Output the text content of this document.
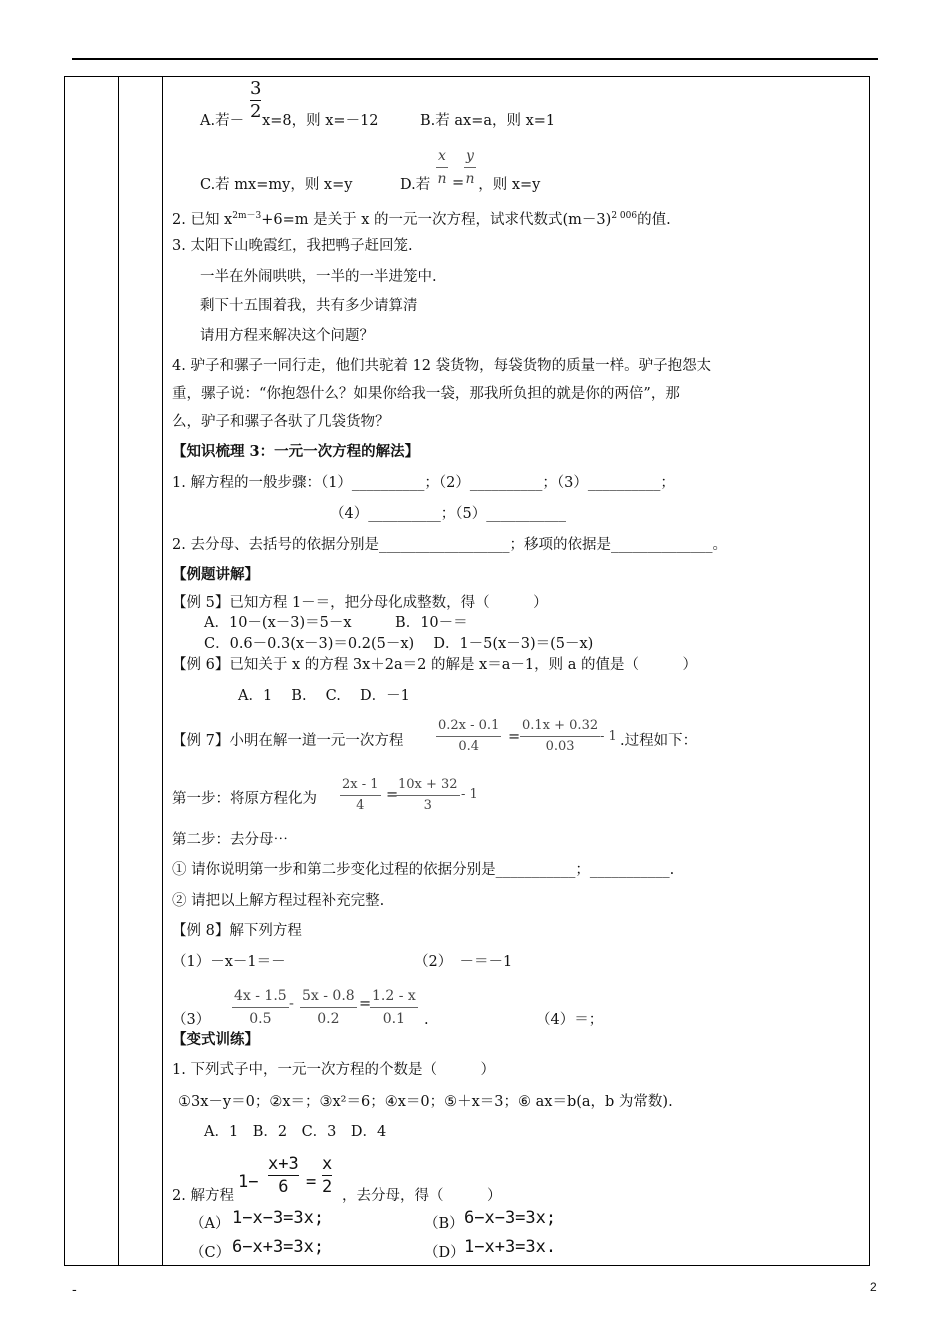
A.若－ x=8，则 x=－12
$\frac{3}{2}$	B.若 ax=a，则 x=1
C.若 mx=my，则 x=y	D.若	，则 x=y
$\frac{x}{n} = \frac{y}{n}$
2. 已知 $x^{2m-3}+6=m$ 是关于 x 的一元一次方程，试求代数式$(m-3)^{2 006}$的值.
3. 太阳下山晚霞红，我把鸭子赶回笼.
一半在外闹哄哄，一半的一半进笼中.
剩下十五围着我，共有多少请算清
请用方程来解决这个问题？
4. 驴子和骡子一同行走，他们共驼着 12 袋货物，每袋货物的质量一样。驴子抱怨太
重，骡子说：“你抱怨什么？如果你给我一袋，那我所负担的就是你的两倍”，那
么，驴子和骡子各驮了几袋货物？
【知识梳理 3：一元一次方程的解法】
1. 解方程的一般步骤：（1）__________；（2）__________；（3）__________；
（4）__________；（5）___________
2. 去分母、去括号的依据分别是__________________；移项的依据是______________。
【例题讲解】
【例 5】已知方程 1－＝，把分母化成整数，得（　　　）
A．10－(x－3)＝5－x　　　B．10－＝
C．0.6－0.3(x－3)＝0.2(5－x)　 D．1－5(x－3)＝(5－x)
【例 6】已知关于 x 的方程 3x＋2a＝2 的解是 x＝a－1，则 a 的值是（　　　）
A．1　 B.　 C.　 D．－1
【例 7】小明在解一道一元一次方程	$\frac{0.2x - 0.1}{0.4} = \frac{0.1x + 0.32}{0.03} - 1$ .过程如下：
第一步：将原方程化为 $\frac{2x - 1}{4}$ =
$\frac{10x + 32}{3} - 1$
第二步：去分母⋯
① 请你说明第一步和第二步变化过程的依据分别是___________；___________.
② 请把以上解方程过程补充完整.
【例 8】解下列方程
（1）－x－1＝－	（2）　－＝－1
$(3) \frac{4x - 1.5}{0.5} - \frac{5x - 0.8}{0.2}$ =
$\frac{1.2 - x}{0.1}$ .	（4）＝；
【变式训练】
1. 下列式子中，一元一次方程的个数是（　　　）
①3x－y＝0；②x＝；③x²＝6；④x＝0；⑤＋x＝3；⑥ ax＝b(a，b 为常数).
A．1　B．2　C．3　D．4
2. 解方程
$1- \frac{x+3}{6} = \frac{x}{2}$ ，去分母，得（　　　）
（A） 1−x−3=3x;	（B） 6−x−3=3x;
（C） 6−x+3=3x;	（D） 1−x+3=3x.
-	2
